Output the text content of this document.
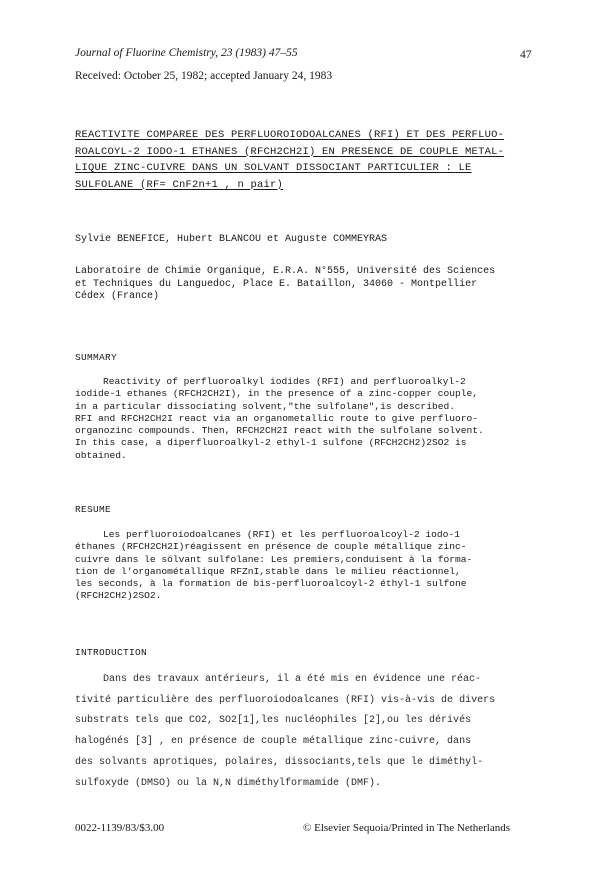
Journal of Fluorine Chemistry, 23 (1983) 47–55	47
Received: October 25, 1982; accepted January 24, 1983
REACTIVITE COMPAREE DES PERFLUOROIODOALCANES (RFI) ET DES PERFLUO-
ROALCOYL-2 IODO-1 ETHANES (RFCH2CH2I) EN PRESENCE DE COUPLE METAL-
LIQUE ZINC-CUIVRE DANS UN SOLVANT DISSOCIANT PARTICULIER : LE
SULFOLANE (RF= CnF2n+1 , n pair)
Sylvie BENEFICE, Hubert BLANCOU et Auguste COMMEYRAS
Laboratoire de Chimie Organique, E.R.A. N°555, Université des Sciences
et Techniques du Languedoc, Place E. Bataillon, 34060 - Montpellier
Cédex (France)
SUMMARY
Reactivity of perfluoroalkyl iodides (RFI) and perfluoroalkyl-2
iodide-1 ethanes (RFCH2CH2I), in the presence of a zinc-copper couple,
in a particular dissociating solvent,"the sulfolane",is described.
RFI and RFCH2CH2I react via an organometallic route to give perfluoro-
organozinc compounds. Then, RFCH2CH2I react with the sulfolane solvent.
In this case, a diperfluoroalkyl-2 ethyl-1 sulfone (RFCH2CH2)2SO2 is
obtained.
RESUME
Les perfluoroiodoalcanes (RFI) et les perfluoroalcoyl-2 iodo-1
éthanes (RFCH2CH2I)réagissent en présence de couple métallique zinc-
cuivre dans le sölvant sulfolane: Les premiers,conduisent à la forma-
tion de l'organométallique RFZnI,stable dans le milieu réactionnel,
les seconds, à la formation de bis-perfluoroalcoyl-2 éthyl-1 sulfone
(RFCH2CH2)2SO2.
INTRODUCTION
Dans des travaux antérieurs, il a été mis en évidence une réac-
tivité particulière des perfluoroiodoalcanes (RFI) vis-à-vis de divers
substrats tels que CO2, SO2[1],les nucléophiles [2],ou les dérivés
halogénés [3] , en présence de couple métallique zinc-cuivre, dans
des solvants aprotiques, polaires, dissociants,tels que le diméthyl-
sulfoxyde (DMSO) ou la N,N diméthylformamide (DMF).
0022-1139/83/$3.00	© Elsevier Sequoia/Printed in The Netherlands
